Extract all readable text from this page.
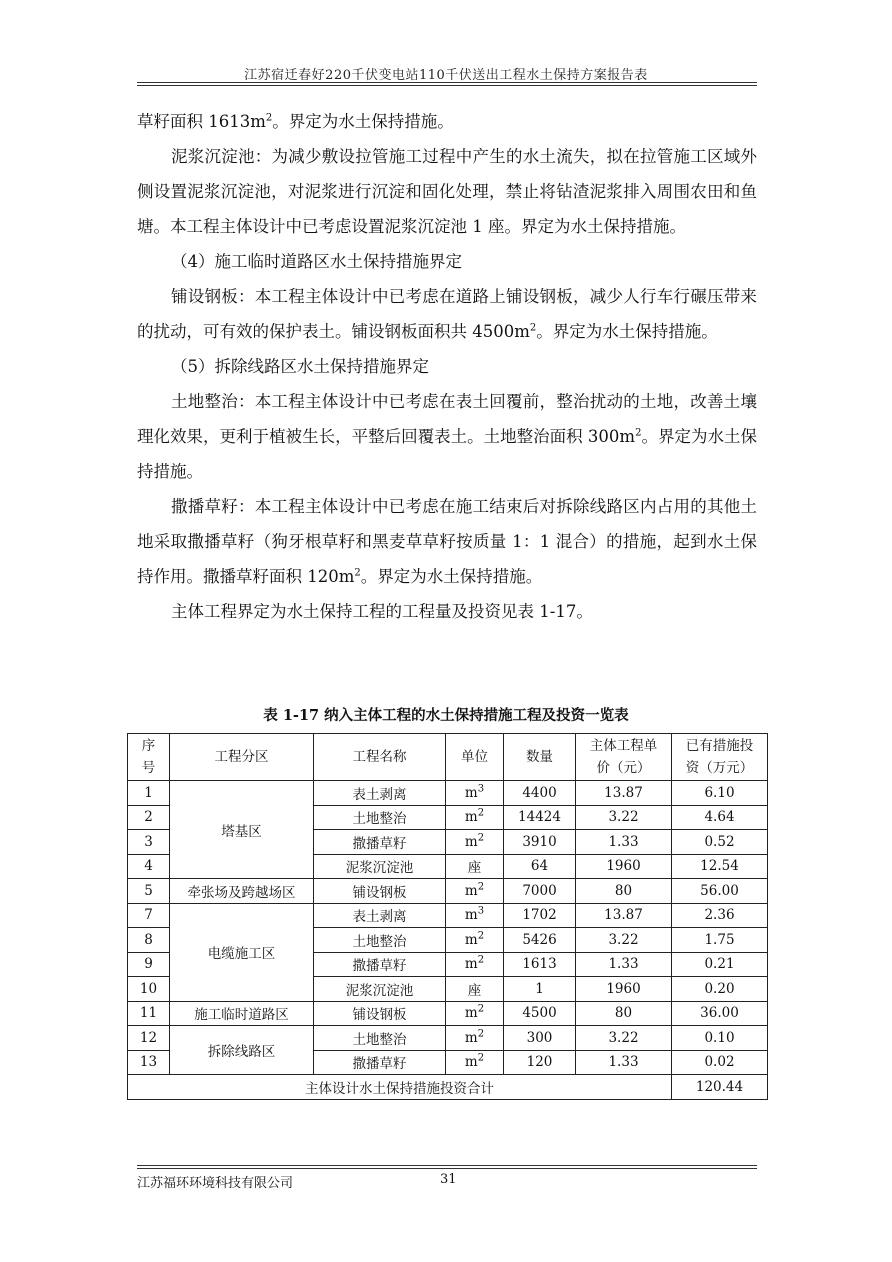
江苏宿迁春好220千伏变电站110千伏送出工程水土保持方案报告表

草籽面积 $1613m^2$。界定为水土保持措施。

泥浆沉淀池：为减少敷设拉管施工过程中产生的水土流失，拟在拉管施工区域外侧设置泥浆沉淀池，对泥浆进行沉淀和固化处理，禁止将钻渣泥浆排入周围农田和鱼塘。本工程主体设计中已考虑设置泥浆沉淀池 1 座。界定为水土保持措施。

（4）施工临时道路区水土保持措施界定

铺设钢板：本工程主体设计中已考虑在道路上铺设钢板，减少人行车行碾压带来的扰动，可有效的保护表土。铺设钢板面积共 $4500m^2$。界定为水土保持措施。

（5）拆除线路区水土保持措施界定

土地整治：本工程主体设计中已考虑在表土回覆前，整治扰动的土地，改善土壤理化效果，更利于植被生长，平整后回覆表土。土地整治面积 $300m^2$。界定为水土保持措施。

撒播草籽：本工程主体设计中已考虑在施工结束后对拆除线路区内占用的其他土地采取撒播草籽（狗牙根草籽和黑麦草草籽按质量 1：1 混合）的措施，起到水土保持作用。撒播草籽面积 $120m^2$。界定为水土保持措施。

主体工程界定为水土保持工程的工程量及投资见表 1-17。

表 1-17 纳入主体工程的水土保持措施工程及投资一览表
序号	工程分区	工程名称	单位	数量	主体工程单价（元）	已有措施投资（万元）
1	塔基区	表土剥离	$m^3$	4400	13.87	6.10
2		土地整治	$m^2$	14424	3.22	4.64
3		撒播草籽	$m^2$	3910	1.33	0.52
4		泥浆沉淀池	座	64	1960	12.54
5	牵张场及跨越场区	铺设钢板	$m^2$	7000	80	56.00
7	电缆施工区	表土剥离	$m^3$	1702	13.87	2.36
8		土地整治	$m^2$	5426	3.22	1.75
9		撒播草籽	$m^2$	1613	1.33	0.21
10		泥浆沉淀池	座	1	1960	0.20
11	施工临时道路区	铺设钢板	$m^2$	4500	80	36.00
12	拆除线路区	土地整治	$m^2$	300	3.22	0.10
13		撒播草籽	$m^2$	120	1.33	0.02
主体设计水土保持措施投资合计						120.44
江苏福环环境科技有限公司	31
